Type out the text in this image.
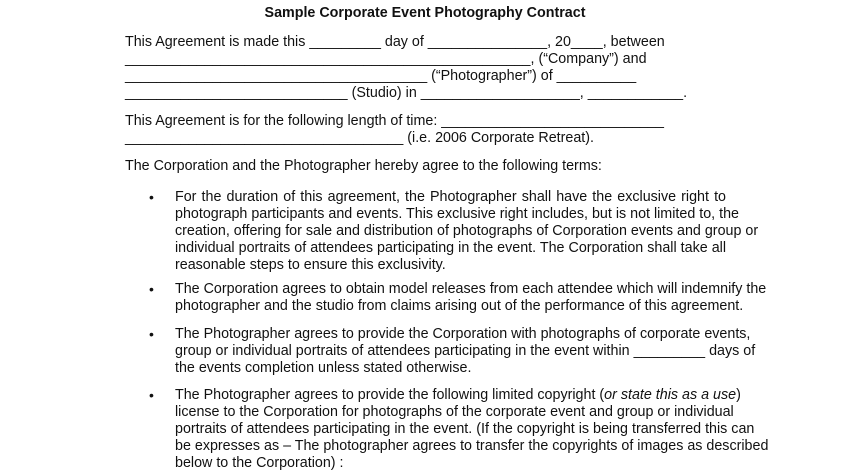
Sample Corporate Event Photography Contract
This Agreement is made this _________ day of _______________, 20____, between
___________________________________________________, (“Company”) and
______________________________________ (“Photographer”) of __________
____________________________ (Studio) in ____________________, ____________.
This Agreement is for the following length of time: ____________________________
___________________________________ (i.e. 2006 Corporate Retreat).
The Corporation and the Photographer hereby agree to the following terms:
• For the duration of this agreement, the Photographer shall have the exclusive right to
photograph participants and events. This exclusive right includes, but is not limited to, the
creation, offering for sale and distribution of photographs of Corporation events and group or
individual portraits of attendees participating in the event. The Corporation shall take all
reasonable steps to ensure this exclusivity.
• The Corporation agrees to obtain model releases from each attendee which will indemnify the
photographer and the studio from claims arising out of the performance of this agreement.
• The Photographer agrees to provide the Corporation with photographs of corporate events,
group or individual portraits of attendees participating in the event within _________ days of
the events completion unless stated otherwise.
• The Photographer agrees to provide the following limited copyright (or state this as a use)
license to the Corporation for photographs of the corporate event and group or individual
portraits of attendees participating in the event. (If the copyright is being transferred this can
be expresses as – The photographer agrees to transfer the copyrights of images as described
below to the Corporation) :
